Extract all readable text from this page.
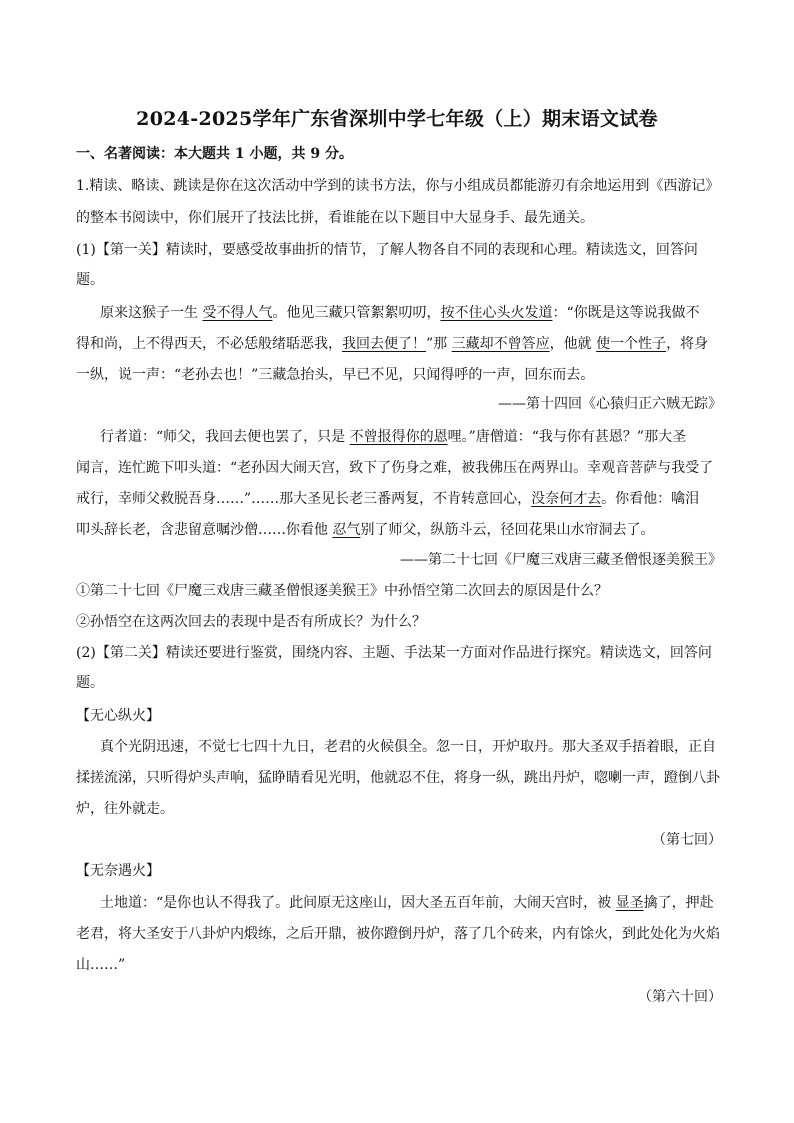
2024-2025学年广东省深圳中学七年级（上）期末语文试卷
一、名著阅读：本大题共 1 小题，共 9 分。
1.精读、略读、跳读是你在这次活动中学到的读书方法，你与小组成员都能游刃有余地运用到《西游记》
的整本书阅读中，你们展开了技法比拼，看谁能在以下题目中大显身手、最先通关。
(1)【第一关】精读时，要感受故事曲折的情节，了解人物各自不同的表现和心理。精读选文，回答问
题。
原来这猴子一生 受不得人气。他见三藏只管絮絮叨叨，按不住心头火发道：“你既是这等说我做不
得和尚，上不得西天，不必恁般绪聒恶我，我回去便了！”那 三藏却不曾答应，他就 使一个性子，将身
一纵，说一声：“老孙去也！”三藏急抬头，早已不见，只闻得呼的一声，回东而去。
——第十四回《心猿归正六贼无踪》
行者道：“师父，我回去便也罢了，只是 不曾报得你的恩哩。”唐僧道：“我与你有甚恩？”那大圣
闻言，连忙跪下叩头道：“老孙因大闹天宫，致下了伤身之难，被我佛压在两界山。幸观音菩萨与我受了
戒行，幸师父救脱吾身……”……那大圣见长老三番两复，不肯转意回心，没奈何才去。你看他：噙泪
叩头辞长老，含悲留意嘱沙僧……你看他 忍气别了师父，纵筋斗云，径回花果山水帘洞去了。
——第二十七回《尸魔三戏唐三藏圣僧恨逐美猴王》
①第二十七回《尸魔三戏唐三藏圣僧恨逐美猴王》中孙悟空第二次回去的原因是什么？
②孙悟空在这两次回去的表现中是否有所成长？为什么？
(2)【第二关】精读还要进行鉴赏，围绕内容、主题、手法某一方面对作品进行探究。精读选文，回答问
题。
【无心纵火】
真个光阴迅速，不觉七七四十九日，老君的火候俱全。忽一日，开炉取丹。那大圣双手捂着眼，正自
揉搓流涕，只听得炉头声响，猛睁睛看见光明，他就忍不住，将身一纵，跳出丹炉，唿喇一声，蹬倒八卦
炉，往外就走。
（第七回）
【无奈遇火】
土地道：“是你也认不得我了。此间原无这座山，因大圣五百年前，大闹天宫时，被 显圣擒了，押赴
老君，将大圣安于八卦炉内煅练，之后开鼎，被你蹬倒丹炉，落了几个砖来，内有馀火，到此处化为火焰
山……”
（第六十回）
